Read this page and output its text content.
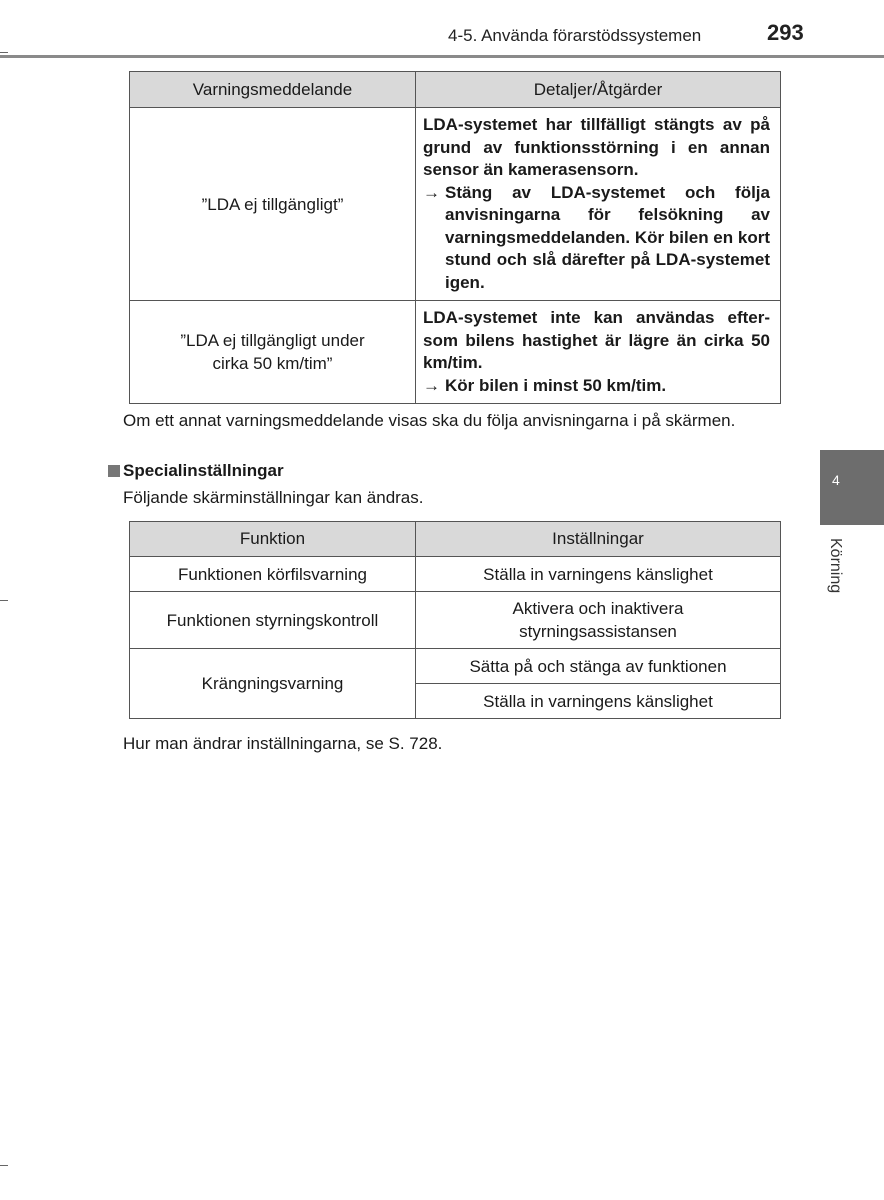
4-5. Använda förarstödssystemen	293
Varningsmeddelande	Detaljer/Åtgärder
”LDA ej tillgängligt”	LDA-systemet har tillfälligt stängts av på grund av funktionsstörning i en annan sensor än kamerasensorn.
→ Stäng av LDA-systemet och följa anvisningarna för felsökning av varningsmeddelanden. Kör bilen en kort stund och slå därefter på LDA-systemet igen.

”LDA ej tillgängligt under cirka 50 km/tim”	LDA-systemet inte kan användas efter-som bilens hastighet är lägre än cirka 50 km/tim.
→ Kör bilen i minst 50 km/tim.
Om ett annat varningsmeddelande visas ska du följa anvisningarna i på skärmen.
Specialinställningar
Följande skärminställningar kan ändras.
Funktion	Inställningar
Funktionen körfilsvarning	Ställa in varningens känslighet
Funktionen styrningskontroll	Aktivera och inaktivera styrningsassistansen

Krängningsvarning	Sätta på och stänga av funktionen
	Ställa in varningens känslighet
Hur man ändrar inställningarna, se S. 728.
4
Körning
